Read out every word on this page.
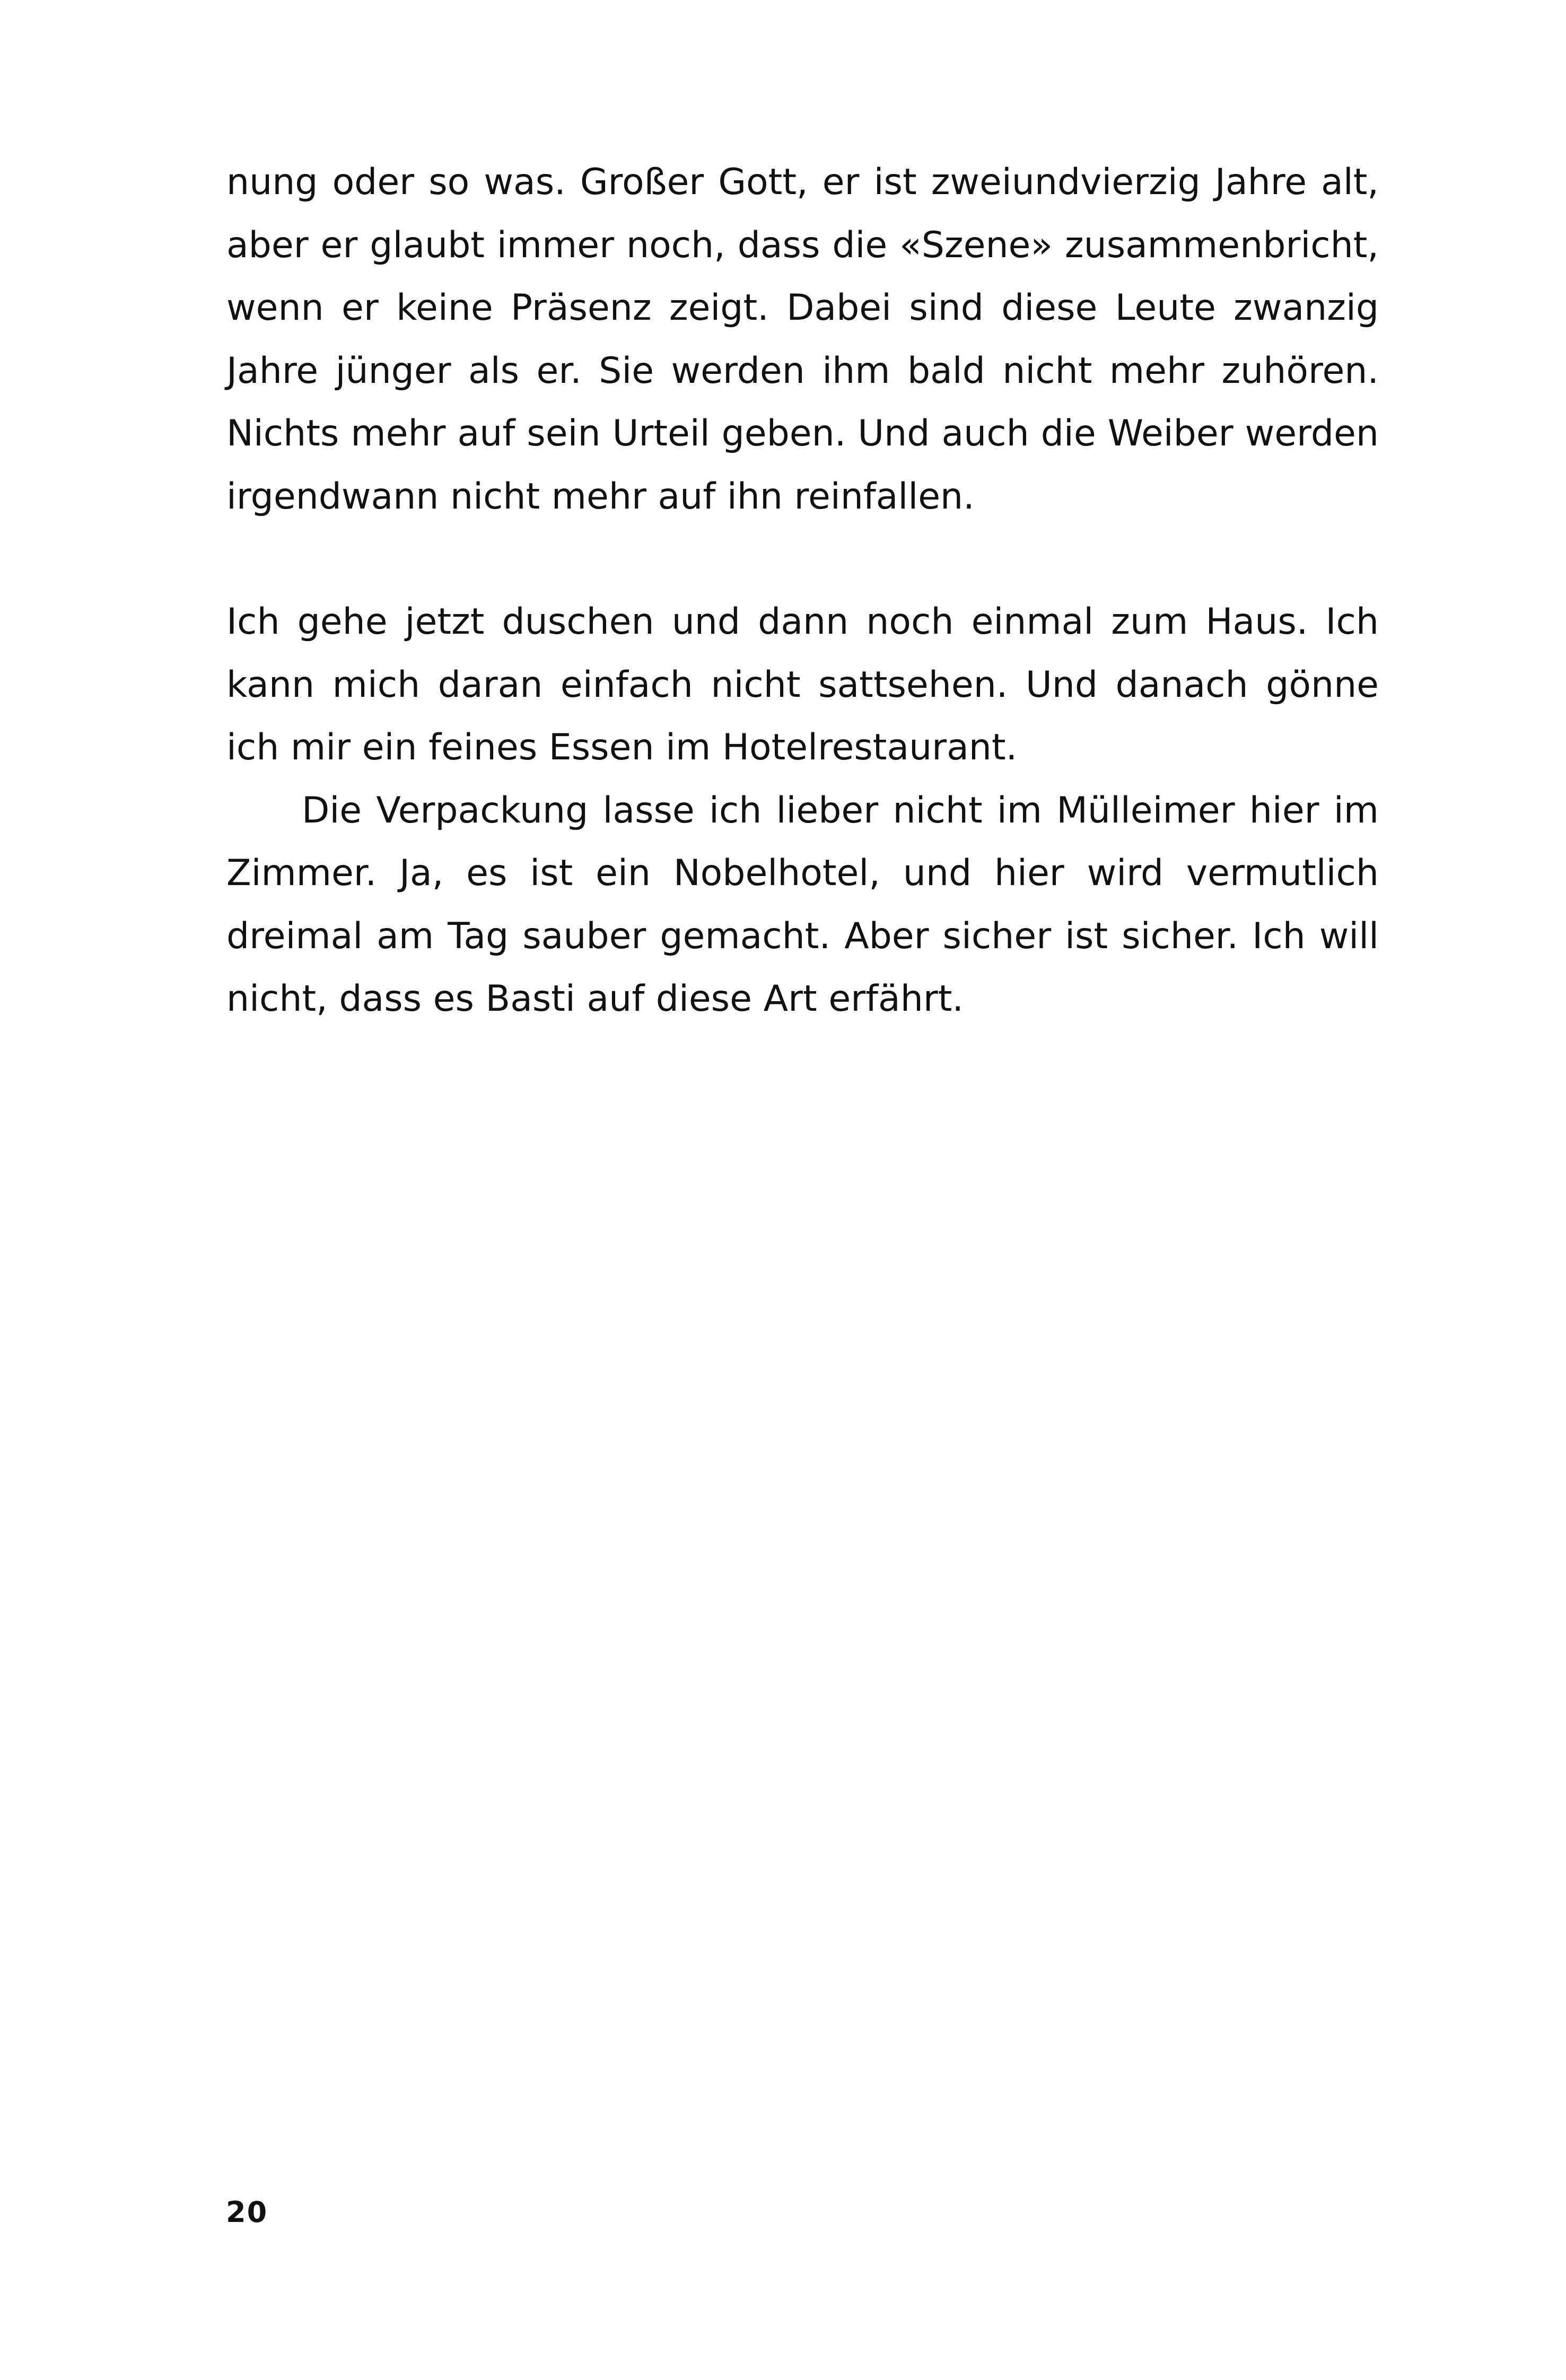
nung oder so was. Großer Gott, er ist zweiundvierzig Jahre alt, aber er glaubt immer noch, dass die «Szene» zusammenbricht, wenn er keine Präsenz zeigt. Dabei sind diese Leute zwanzig Jahre jünger als er. Sie werden ihm bald nicht mehr zuhören. Nichts mehr auf sein Urteil geben. Und auch die Weiber werden irgendwann nicht mehr auf ihn reinfallen.

Ich gehe jetzt duschen und dann noch einmal zum Haus. Ich kann mich daran einfach nicht sattsehen. Und danach gönne ich mir ein feines Essen im Hotelrestaurant.

Die Verpackung lasse ich lieber nicht im Mülleimer hier im Zimmer. Ja, es ist ein Nobelhotel, und hier wird vermutlich dreimal am Tag sauber gemacht. Aber sicher ist sicher. Ich will nicht, dass es Basti auf diese Art erfährt.

20
